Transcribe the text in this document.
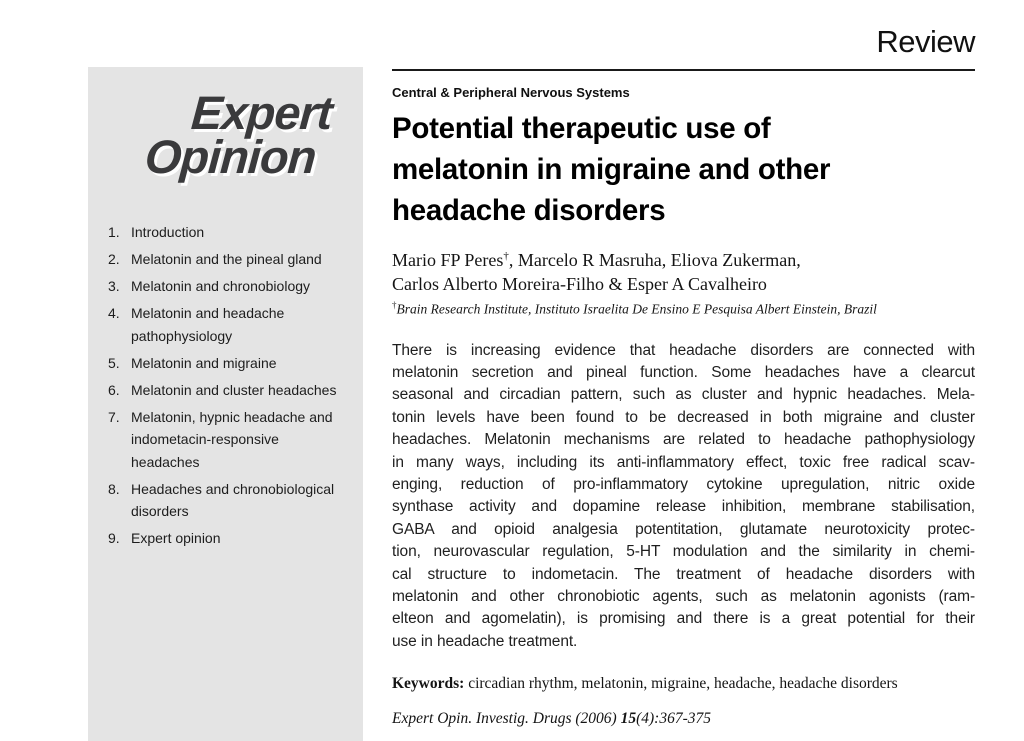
Review
Expert
Opinion
1. Introduction
2. Melatonin and the pineal gland
3. Melatonin and chronobiology
4. Melatonin and headache pathophysiology
5. Melatonin and migraine
6. Melatonin and cluster headaches
7. Melatonin, hypnic headache and indometacin-responsive headaches
8. Headaches and chronobiological disorders
9. Expert opinion
Central & Peripheral Nervous Systems
Potential therapeutic use of
melatonin in migraine and other
headache disorders
Mario FP Peres†, Marcelo R Masruha, Eliova Zukerman,
Carlos Alberto Moreira-Filho & Esper A Cavalheiro
†Brain Research Institute, Instituto Israelita De Ensino E Pesquisa Albert Einstein, Brazil
There is increasing evidence that headache disorders are connected with
melatonin secretion and pineal function. Some headaches have a clearcut
seasonal and circadian pattern, such as cluster and hypnic headaches. Mela-
tonin levels have been found to be decreased in both migraine and cluster
headaches. Melatonin mechanisms are related to headache pathophysiology
in many ways, including its anti-inflammatory effect, toxic free radical scav-
enging, reduction of pro-inflammatory cytokine upregulation, nitric oxide
synthase activity and dopamine release inhibition, membrane stabilisation,
GABA and opioid analgesia potentitation, glutamate neurotoxicity protec-
tion, neurovascular regulation, 5-HT modulation and the similarity in chemi-
cal structure to indometacin. The treatment of headache disorders with
melatonin and other chronobiotic agents, such as melatonin agonists (ram-
elteon and agomelatin), is promising and there is a great potential for their
use in headache treatment.
Keywords: circadian rhythm, melatonin, migraine, headache, headache disorders
Expert Opin. Investig. Drugs (2006) 15(4):367-375
